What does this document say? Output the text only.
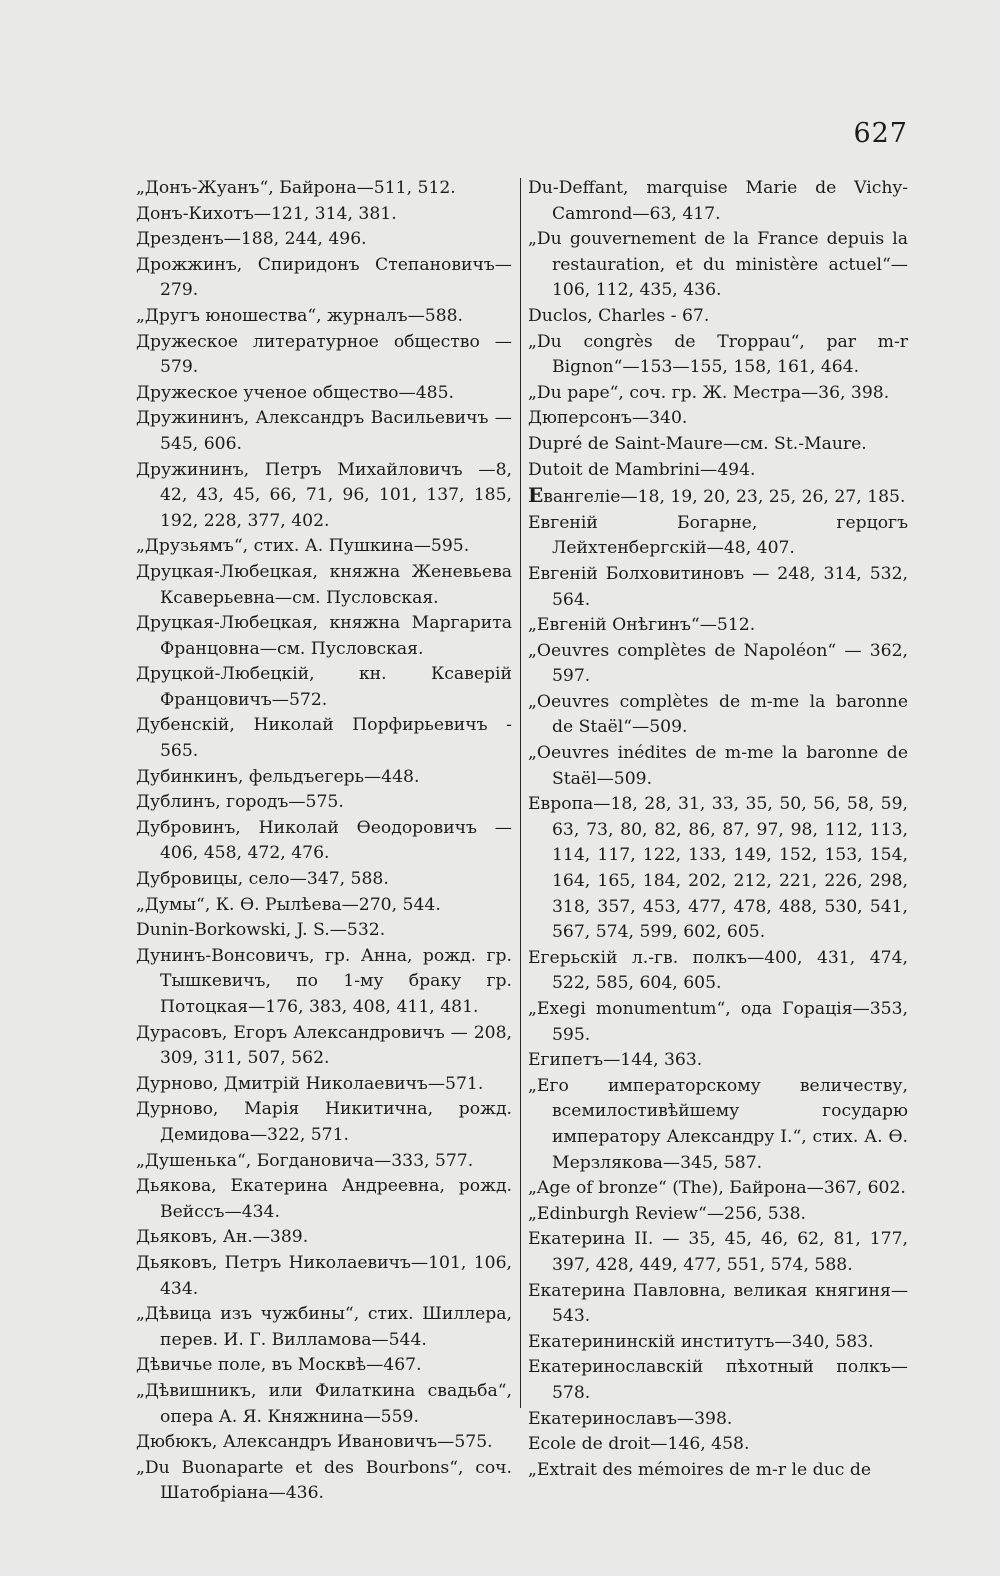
627
„Донъ-Жуанъ“, Байрона—511, 512.
Донъ-Кихотъ—121, 314, 381.
Дрезденъ—188, 244, 496.
Дрожжинъ, Спиридонъ Степановичъ—279.
„Другъ юношества“, журналъ—588.
Дружеское литературное общество — 579.
Дружеское ученое общество—485.
Дружининъ, Александръ Васильевичъ — 545, 606.
Дружининъ, Петръ Михайловичъ —8, 42, 43, 45, 66, 71, 96, 101, 137, 185, 192, 228, 377, 402.
„Друзьямъ“, стих. А. Пушкина—595.
Друцкая-Любецкая, княжна Женевьева Ксаверьевна—см. Пусловская.
Друцкая-Любецкая, княжна Маргарита Францовна—см. Пусловская.
Друцкой-Любецкій, кн. Ксаверій Францовичъ—572.
Дубенскій, Николай Порфирьевичъ - 565.
Дубинкинъ, фельдъегерь—448.
Дублинъ, городъ—575.
Дубровинъ, Николай Өеодоровичъ — 406, 458, 472, 476.
Дубровицы, село—347, 588.
„Думы“, К. Ө. Рылѣева—270, 544.
Dunin-Borkowski, J. S.—532.
Дунинъ-Вонсовичъ, гр. Анна, рожд. гр. Тышкевичъ, по 1-му браку гр. Потоцкая—176, 383, 408, 411, 481.
Дурасовъ, Егоръ Александровичъ — 208, 309, 311, 507, 562.
Дурново, Дмитрій Николаевичъ—571.
Дурново, Марія Никитична, рожд. Демидова—322, 571.
„Душенька“, Богдановича—333, 577.
Дьякова, Екатерина Андреевна, рожд. Вейссъ—434.
Дьяковъ, Ан.—389.
Дьяковъ, Петръ Николаевичъ—101, 106, 434.
„Дѣвица изъ чужбины“, стих. Шиллера, перев. И. Г. Вилламова—544.
Дѣвичье поле, въ Москвѣ—467.
„Дѣвишникъ, или Филаткина свадьба“, опера А. Я. Княжнина—559.
Дюбюкъ, Александръ Ивановичъ—575.
„Du Buonaparte et des Bourbons“, соч. Шатобріана—436.
Du-Deffant, marquise Marie de Vichy-Camrond—63, 417.
„Du gouvernement de la France depuis la restauration, et du ministère actuel“—106, 112, 435, 436.
Duclos, Charles - 67.
„Du congrès de Troppau“, par m-r Bignon“—153—155, 158, 161, 464.
„Du pape“, соч. гр. Ж. Местра—36, 398.
Дюперсонъ—340.
Dupré de Saint-Maure—см. St.-Maure.
Dutoit de Mambrini—494.
Евангеліе—18, 19, 20, 23, 25, 26, 27, 185.
Евгеній Богарне, герцогъ Лейхтенбергскій—48, 407.
Евгеній Болховитиновъ — 248, 314, 532, 564.
„Евгеній Онѣгинъ“—512.
„Oeuvres complètes de Napoléon“ — 362, 597.
„Oeuvres complètes de m-me la baronne de Staël“—509.
„Oeuvres inédites de m-me la baronne de Staël—509.
Европа—18, 28, 31, 33, 35, 50, 56, 58, 59, 63, 73, 80, 82, 86, 87, 97, 98, 112, 113, 114, 117, 122, 133, 149, 152, 153, 154, 164, 165, 184, 202, 212, 221, 226, 298, 318, 357, 453, 477, 478, 488, 530, 541, 567, 574, 599, 602, 605.
Егерьскій л.-гв. полкъ—400, 431, 474, 522, 585, 604, 605.
„Exegi monumentum“, ода Горація—353, 595.
Египетъ—144, 363.
„Его императорскому величеству, всемилостивѣйшему государю императору Александру I.“, стих. А. Ө. Мерзлякова—345, 587.
„Age of bronze“ (The), Байрона—367, 602.
„Edinburgh Review“—256, 538.
Екатерина II. — 35, 45, 46, 62, 81, 177, 397, 428, 449, 477, 551, 574, 588.
Екатерина Павловна, великая княгиня—543.
Екатерининскій институтъ—340, 583.
Екатеринославскій пѣхотный полкъ—578.
Екатеринославъ—398.
Ecole de droit—146, 458.
„Extrait des mémoires de m-r le duc de
